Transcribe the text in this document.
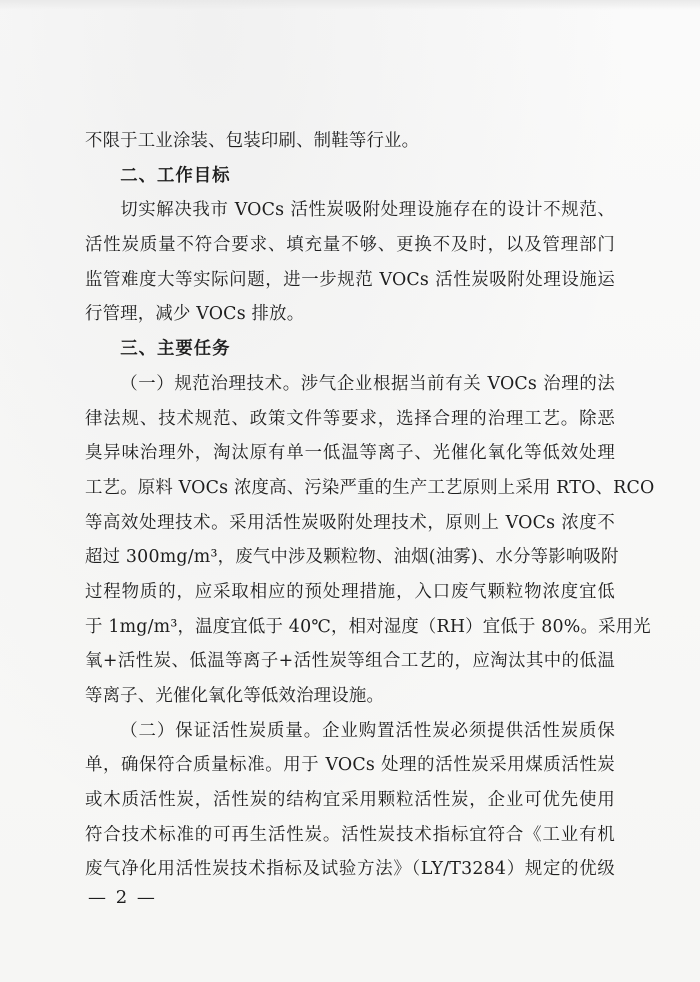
不限于工业涂装、包装印刷、制鞋等行业。
二、工作目标
切实解决我市 VOCs 活性炭吸附处理设施存在的设计不规范、
活性炭质量不符合要求、填充量不够、更换不及时，以及管理部门
监管难度大等实际问题，进一步规范 VOCs 活性炭吸附处理设施运
行管理，减少 VOCs 排放。
三、主要任务
（一）规范治理技术。涉气企业根据当前有关 VOCs 治理的法
律法规、技术规范、政策文件等要求，选择合理的治理工艺。除恶
臭异味治理外，淘汰原有单一低温等离子、光催化氧化等低效处理
工艺。原料 VOCs 浓度高、污染严重的生产工艺原则上采用 RTO、RCO
等高效处理技术。采用活性炭吸附处理技术，原则上 VOCs 浓度不
超过 300mg/m³，废气中涉及颗粒物、油烟(油雾)、水分等影响吸附
过程物质的，应采取相应的预处理措施，入口废气颗粒物浓度宜低
于 1mg/m³，温度宜低于 40℃，相对湿度（RH）宜低于 80%。采用光
氧+活性炭、低温等离子+活性炭等组合工艺的，应淘汰其中的低温
等离子、光催化氧化等低效治理设施。
（二）保证活性炭质量。企业购置活性炭必须提供活性炭质保
单，确保符合质量标准。用于 VOCs 处理的活性炭采用煤质活性炭
或木质活性炭，活性炭的结构宜采用颗粒活性炭，企业可优先使用
符合技术标准的可再生活性炭。活性炭技术指标宜符合《工业有机
废气净化用活性炭技术指标及试验方法》（LY/T3284）规定的优级
— 2 —
